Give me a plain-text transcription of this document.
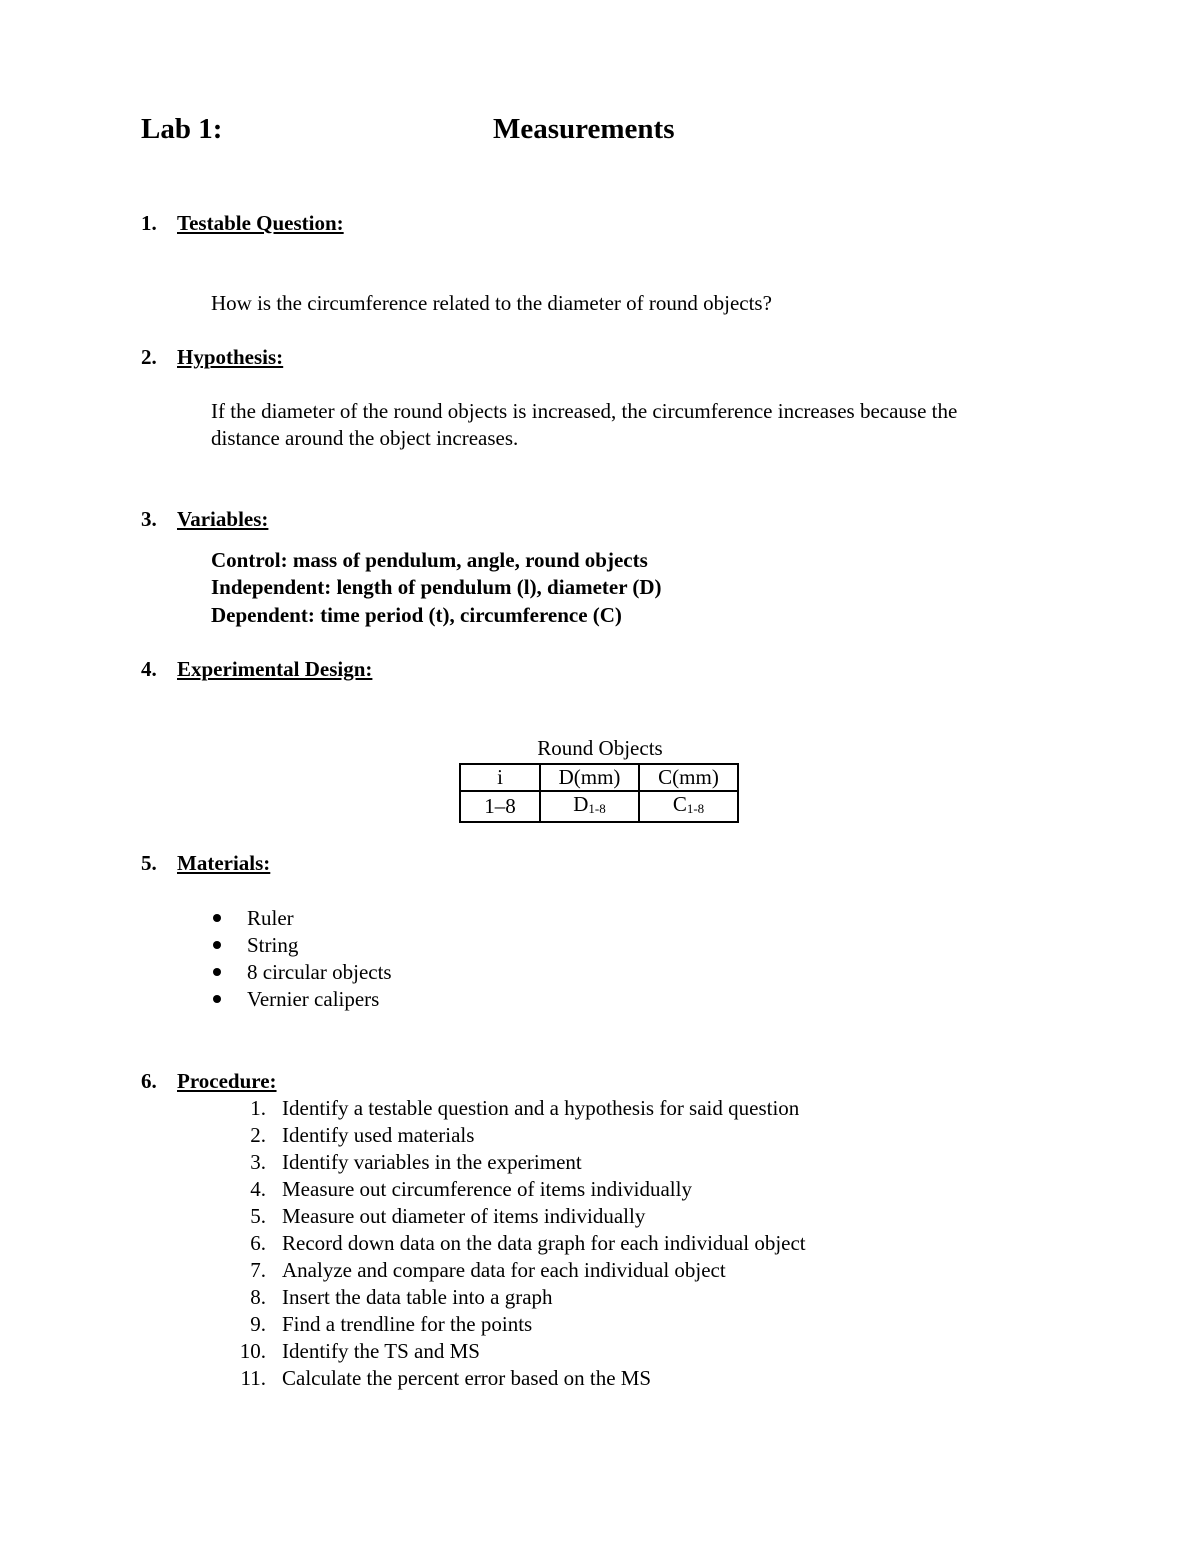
Lab 1:	Measurements
1. Testable Question:
How is the circumference related to the diameter of round objects?
2. Hypothesis:
If the diameter of the round objects is increased, the circumference increases because the
distance around the object increases.
3. Variables:
Control: mass of pendulum, angle, round objects
Independent: length of pendulum (l), diameter (D)
Dependent: time period (t), circumference (C)
4. Experimental Design:
Round Objects
i	D(mm)	C(mm)
1–8	$D_{1-8}$	$C_{1-8}$
5. Materials:
Ruler
String
8 circular objects
Vernier calipers
6. Procedure:
1. Identify a testable question and a hypothesis for said question
2. Identify used materials
3. Identify variables in the experiment
4. Measure out circumference of items individually
5. Measure out diameter of items individually
6. Record down data on the data graph for each individual object
7. Analyze and compare data for each individual object
8. Insert the data table into a graph
9. Find a trendline for the points
10. Identify the TS and MS
11. Calculate the percent error based on the MS
